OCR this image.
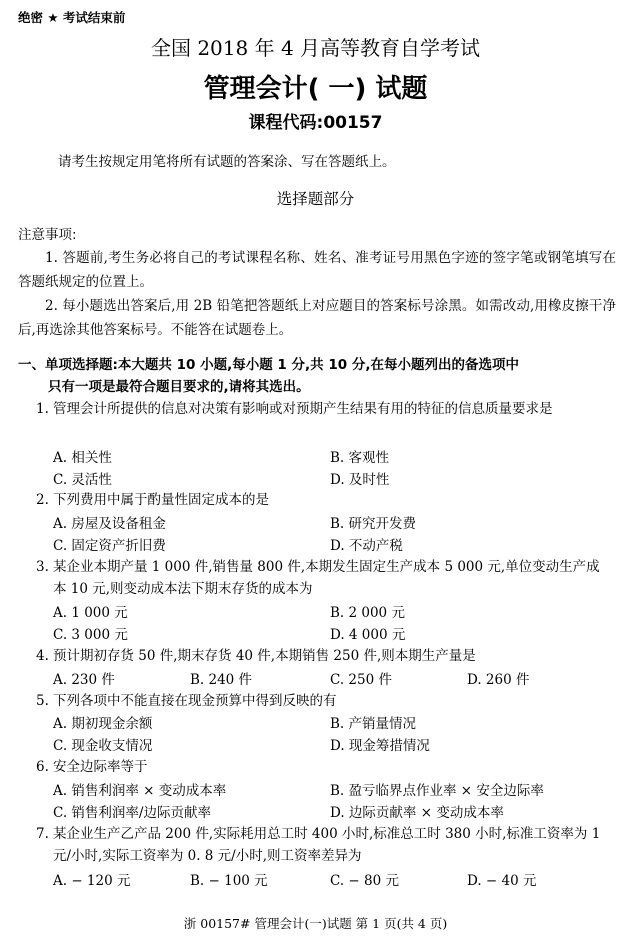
绝密 ★ 考试结束前
全国 2018 年 4 月高等教育自学考试
管理会计( 一) 试题
课程代码:00157
请考生按规定用笔将所有试题的答案涂、写在答题纸上。
选择题部分
注意事项:
1. 答题前,考生务必将自己的考试课程名称、姓名、准考证号用黑色字迹的签字笔或钢笔填写在答题纸规定的位置上。
2. 每小题选出答案后,用 2B 铅笔把答题纸上对应题目的答案标号涂黑。如需改动,用橡皮擦干净后,再选涂其他答案标号。不能答在试题卷上。
一、单项选择题:本大题共 10 小题,每小题 1 分,共 10 分,在每小题列出的备选项中
只有一项是最符合题目要求的,请将其选出。
1. 管理会计所提供的信息对决策有影响或对预期产生结果有用的特征的信息质量要求是
A. 相关性	B. 客观性
C. 灵活性	D. 及时性
2. 下列费用中属于酌量性固定成本的是
A. 房屋及设备租金	B. 研究开发费
C. 固定资产折旧费	D. 不动产税
3. 某企业本期产量 1 000 件,销售量 800 件,本期发生固定生产成本 5 000 元,单位变动生产成本 10 元,则变动成本法下期末存货的成本为
A. 1 000 元	B. 2 000 元
C. 3 000 元	D. 4 000 元
4. 预计期初存货 50 件,期末存货 40 件,本期销售 250 件,则本期生产量是
A. 230 件	B. 240 件	C. 250 件	D. 260 件
5. 下列各项中不能直接在现金预算中得到反映的有
A. 期初现金余额	B. 产销量情况
C. 现金收支情况	D. 现金筹措情况
6. 安全边际率等于
A. 销售利润率 × 变动成本率	B. 盈亏临界点作业率 × 安全边际率
C. 销售利润率/边际贡献率	D. 边际贡献率 × 变动成本率
7. 某企业生产乙产品 200 件,实际耗用总工时 400 小时,标准总工时 380 小时,标准工资率为 1 元/小时,实际工资率为 0. 8 元/小时,则工资率差异为
A. − 120 元	B. − 100 元	C. − 80 元	D. − 40 元
浙 00157# 管理会计(一)试题 第 1 页(共 4 页)
